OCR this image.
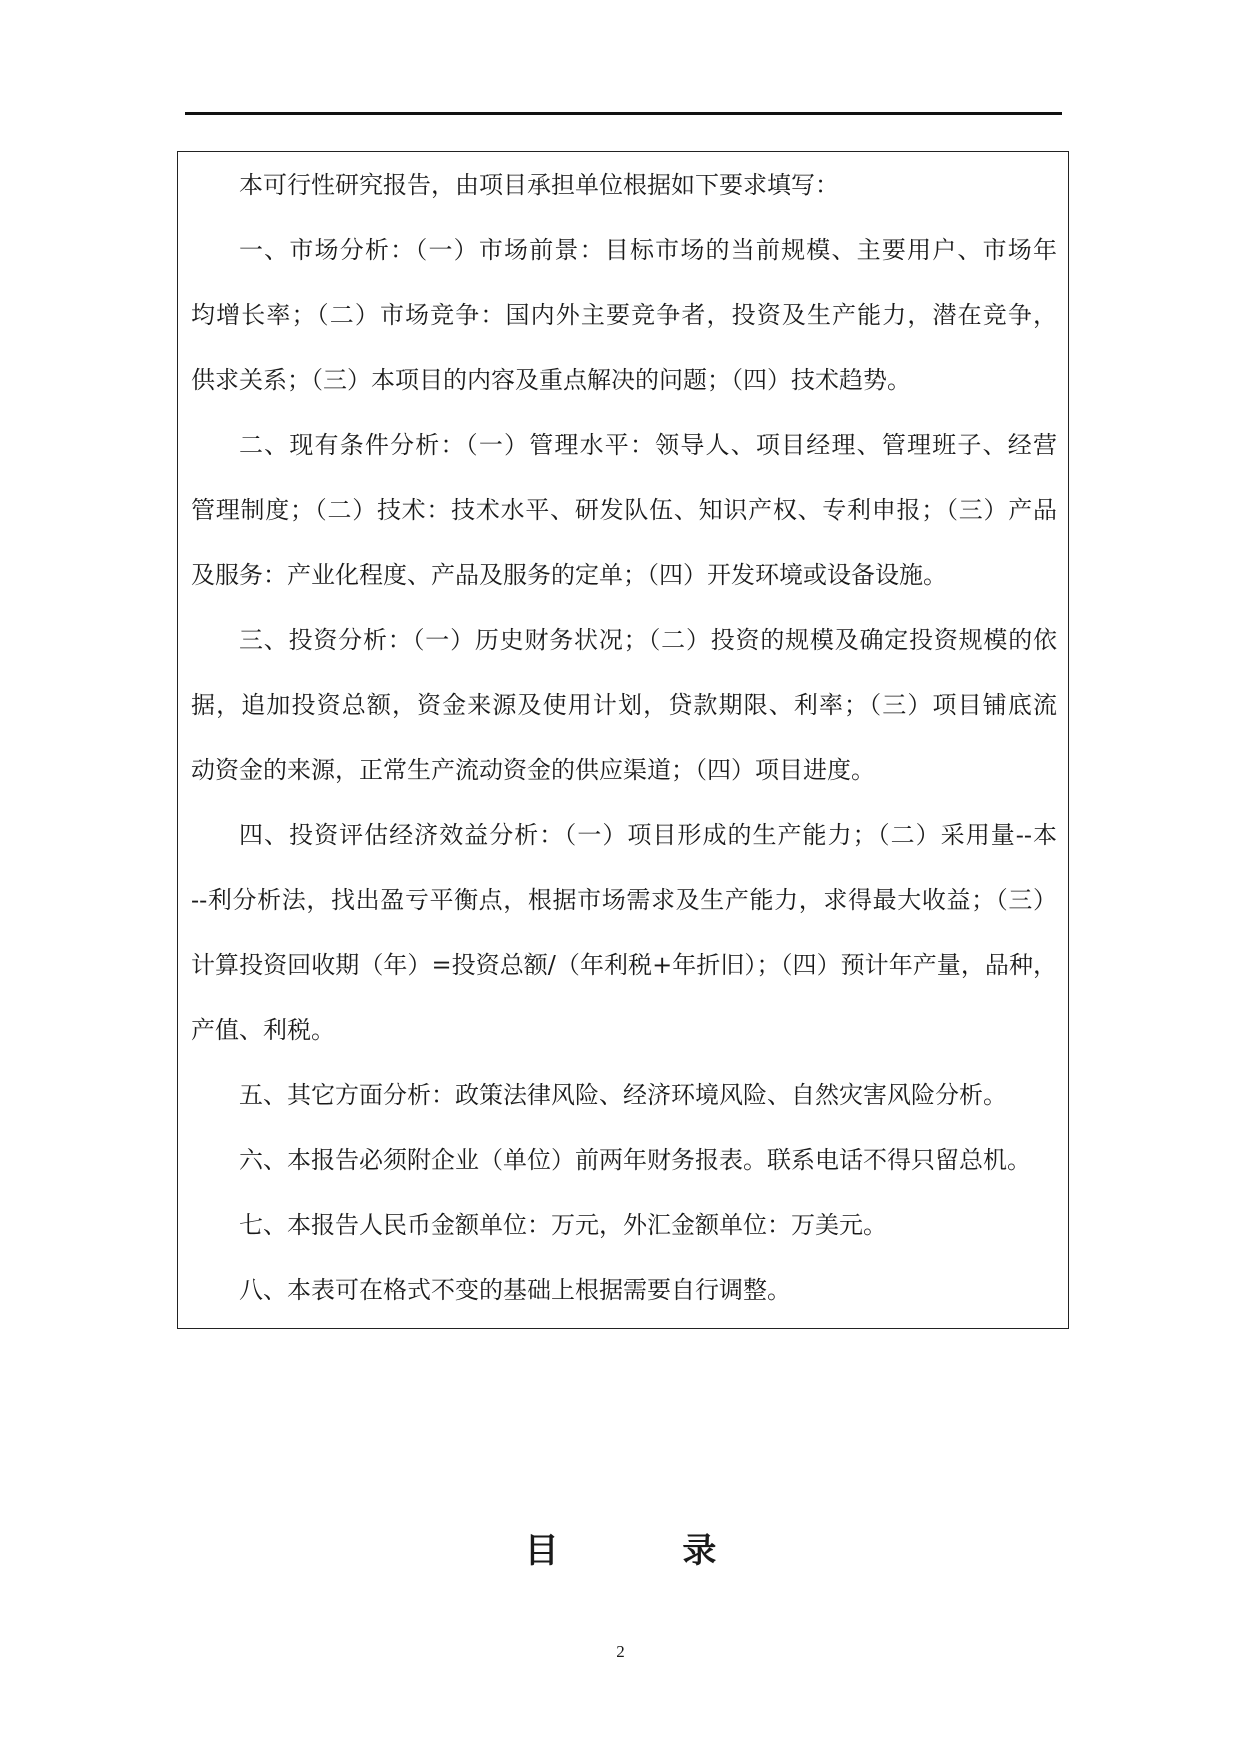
本可行性研究报告，由项目承担单位根据如下要求填写：
一、市场分析：（一）市场前景：目标市场的当前规模、主要用户、市场年
均增长率；（二）市场竞争：国内外主要竞争者，投资及生产能力，潜在竞争，
供求关系；（三）本项目的内容及重点解决的问题；（四）技术趋势。
二、现有条件分析：（一）管理水平：领导人、项目经理、管理班子、经营
管理制度；（二）技术：技术水平、研发队伍、知识产权、专利申报；（三）产品
及服务：产业化程度、产品及服务的定单；（四）开发环境或设备设施。
三、投资分析：（一）历史财务状况；（二）投资的规模及确定投资规模的依
据，追加投资总额，资金来源及使用计划，贷款期限、利率；（三）项目铺底流
动资金的来源，正常生产流动资金的供应渠道；（四）项目进度。
四、投资评估经济效益分析：（一）项目形成的生产能力；（二）采用量--本
--利分析法，找出盈亏平衡点，根据市场需求及生产能力，求得最大收益；（三）
计算投资回收期（年）=投资总额/（年利税+年折旧）；（四）预计年产量，品种，
产值、利税。
五、其它方面分析：政策法律风险、经济环境风险、自然灾害风险分析。
六、本报告必须附企业（单位）前两年财务报表。联系电话不得只留总机。
七、本报告人民币金额单位：万元，外汇金额单位：万美元。
八、本表可在格式不变的基础上根据需要自行调整。
目 录
2
